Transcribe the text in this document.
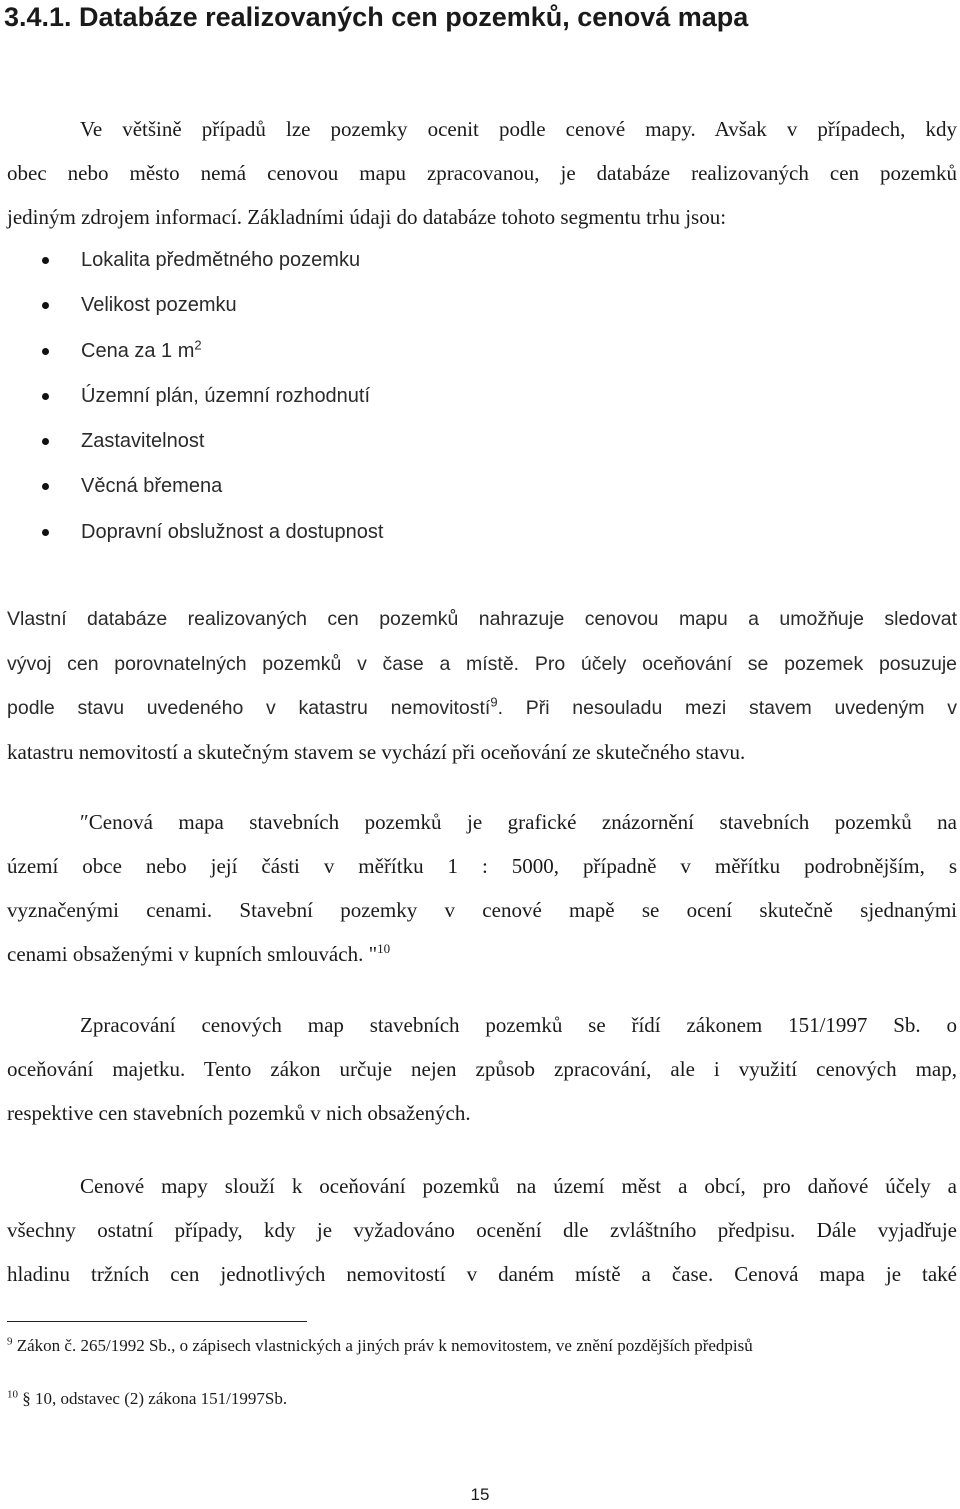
3.4.1. Databáze realizovaných cen pozemků, cenová mapa

Ve většině případů lze pozemky ocenit podle cenové mapy. Avšak v případech, kdy
obec nebo město nemá cenovou mapu zpracovanou, je databáze realizovaných cen pozemků
jediným zdrojem informací. Základními údaji do databáze tohoto segmentu trhu jsou:

Lokalita předmětného pozemku
Velikost pozemku
Cena za 1 $m^2$
Územní plán, územní rozhodnutí
Zastavitelnost
Věcná břemena
Dopravní obslužnost a dostupnost

Vlastní databáze realizovaných cen pozemků nahrazuje cenovou mapu a umožňuje sledovat
vývoj cen porovnatelných pozemků v čase a místě. Pro účely oceňování se pozemek posuzuje
podle stavu uvedeného v katastru nemovitostí$^9$. Při nesouladu mezi stavem uvedeným v
katastru nemovitostí a skutečným stavem se vychází při oceňování ze skutečného stavu.

″Cenová mapa stavebních pozemků je grafické znázornění stavebních pozemků na
území obce nebo její části v měřítku 1 : 5000, případně v měřítku podrobnějším, s
vyznačenými cenami. Stavební pozemky v cenové mapě se ocení skutečně sjednanými
cenami obsaženými v kupních smlouvách. "$^{10}$

Zpracování cenových map stavebních pozemků se řídí zákonem 151/1997 Sb. o
oceňování majetku. Tento zákon určuje nejen způsob zpracování, ale i využití cenových map,
respektive cen stavebních pozemků v nich obsažených.

Cenové mapy slouží k oceňování pozemků na území měst a obcí, pro daňové účely a
všechny ostatní případy, kdy je vyžadováno ocenění dle zvláštního předpisu. Dále vyjadřuje
hladinu tržních cen jednotlivých nemovitostí v daném místě a čase. Cenová mapa je také

$^9$ Zákon č. 265/1992 Sb., o zápisech vlastnických a jiných práv k nemovitostem, ve znění pozdějších předpisů

$^{10}$ § 10, odstavec (2) zákona 151/1997Sb.

15
